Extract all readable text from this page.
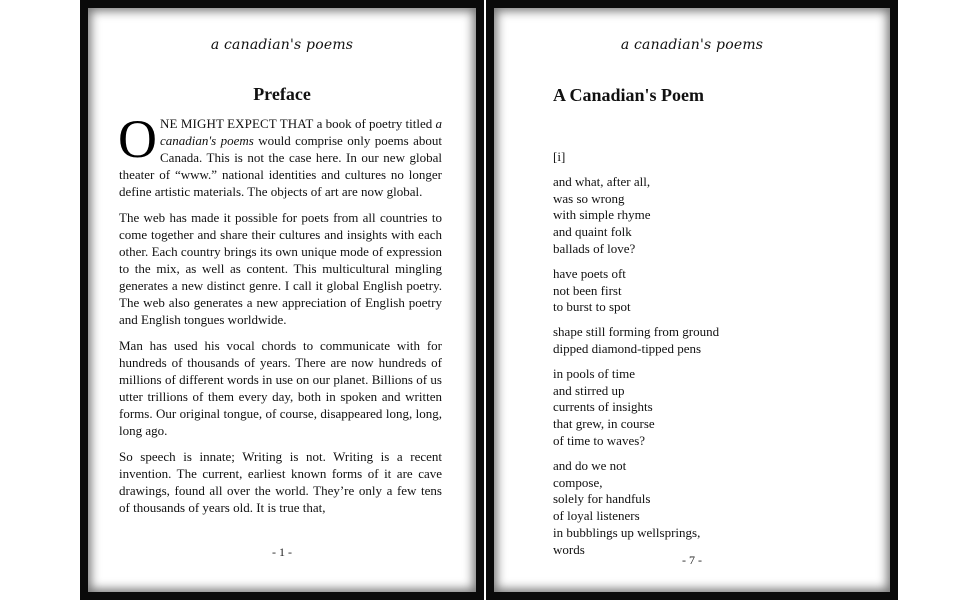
a canadian's poems
Preface

ONE MIGHT EXPECT THAT a book of poetry titled a canadian's poems would comprise only poems about Canada. This is not the case here. In our new global theater of “www.” national identities and cultures no longer define artistic materials. The objects of art are now global.

The web has made it possible for poets from all countries to come together and share their cultures and insights with each other. Each country brings its own unique mode of expression to the mix, as well as content. This multicultural mingling generates a new distinct genre. I call it global English poetry. The web also generates a new appreciation of English poetry and English tongues worldwide.

Man has used his vocal chords to communicate with for hundreds of thousands of years. There are now hundreds of millions of different words in use on our planet. Billions of us utter trillions of them every day, both in spoken and written forms. Our original tongue, of course, disappeared long, long, long ago.

So speech is innate; Writing is not. Writing is a recent invention. The current, earliest known forms of it are cave drawings, found all over the world. They’re only a few tens of thousands of years old. It is true that,

- 1 -
a canadian's poems
A Canadian's Poem
[i]
and what, after all,
was so wrong
with simple rhyme
and quaint folk
ballads of love?
have poets oft
not been first
to burst to spot
shape still forming from ground
dipped diamond-tipped pens
in pools of time
and stirred up
currents of insights
that grew, in course
of time to waves?
and do we not
compose,
solely for handfuls
of loyal listeners
in bubblings up wellsprings,
words
- 7 -
